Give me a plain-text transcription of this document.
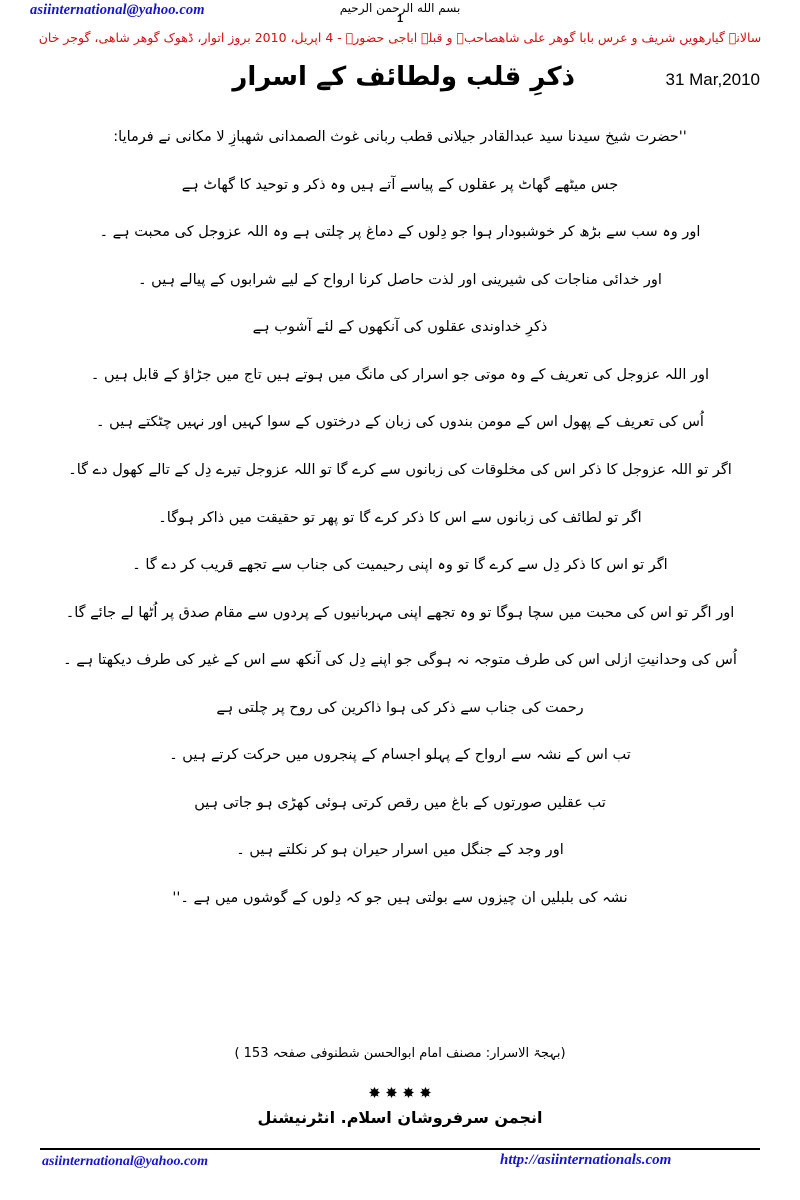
asiinternational@yahoo.com	بسم الله الرحمن الرحیم
1
سالانہ گیارھویں شریف و عرس بابا گوھر علی شاھصاحبؒ و قبلہ اباجی حضورؒ - 4 اپریل، 2010 بروز اتوار، ڈھوک گوھر شاھی، گوجر خان
ذکرِ قلب ولطائف کے اسرار	31 Mar,2010

''حضرت شیخ سیدنا سید عبدالقادر جیلانی قطب ربانی غوث الصمدانی شھبازِ لا مکانی نے فرمایا:

جس میٹھے گھاٹ پر عقلوں کے پیاسے آتے ہیں وہ ذکر و توحید کا گھاٹ ہے

اور وہ سب سے بڑھ کر خوشبودار ہوا جو دِلوں کے دماغ پر چلتی ہے وہ اللہ عزوجل کی محبت ہے ۔

اور خدائی مناجات کی شیرینی اور لذت حاصل کرنا ارواح کے لیے شرابوں کے پیالے ہیں ۔

ذکرِ خداوندی عقلوں کی آنکھوں کے لئے آشوب ہے

اور اللہ عزوجل کی تعریف کے وہ موتی جو اسرار کی مانگ میں ہوتے ہیں تاج میں جڑاؤ کے قابل ہیں ۔

اُس کی تعریف کے پھول اس کے مومن بندوں کی زبان کے درختوں کے سوا کہیں اور نہیں چٹکتے ہیں ۔

اگر تو اللہ عزوجل کا ذکر اس کی مخلوقات کی زبانوں سے کرے گا تو اللہ عزوجل تیرے دِل کے تالے کھول دے گا۔

اگر تو لطائف کی زبانوں سے اس کا ذکر کرے گا تو پھر تو حقیقت میں ذاکر ہوگا۔

اگر تو اس کا ذکر دِل سے کرے گا تو وہ اپنی رحیمیت کی جناب سے تجھے قریب کر دے گا ۔

اور اگر تو اس کی محبت میں سچا ہوگا تو وہ تجھے اپنی مہربانیوں کے پردوں سے مقام صدق پر اُٹھا لے جائے گا۔

اُس کی وحدانیتِ ازلی اس کی طرف متوجہ نہ ہوگی جو اپنے دِل کی آنکھ سے اس کے غیر کی طرف دیکھتا ہے ۔

رحمت کی جناب سے ذکر کی ہوا ذاکرین کی روح پر چلتی ہے

تب اس کے نشہ سے ارواح کے پہلو اجسام کے پنجروں میں حرکت کرتے ہیں ۔

تب عقلیں صورتوں کے باغ میں رقص کرتی ہوئی کھڑی ہو جاتی ہیں

اور وجد کے جنگل میں اسرار حیران ہو کر نکلتے ہیں ۔

نشہ کی بلبلیں ان چیزوں سے بولتی ہیں جو کہ دِلوں کے گوشوں میں ہے ۔''

(بہجۃ الاسرار: مصنف امام ابوالحسن شطنوفی صفحہ 153 )
انجمن سرفروشان اسلام. انٹرنیشنل
asiinternational@yahoo.com	http://asiinternationals.com
